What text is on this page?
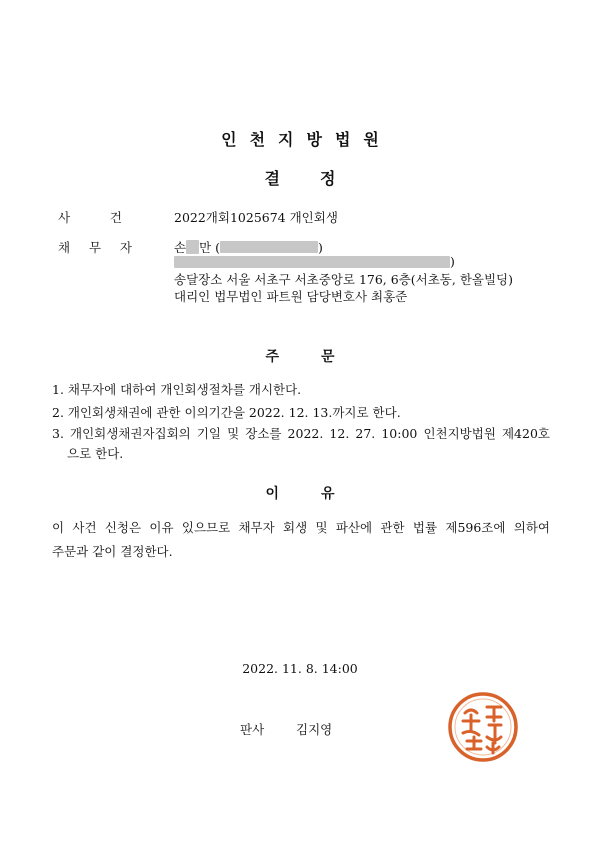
인천지방법원
결정
사	건	2022개회1025674 개인회생
채 무 자	손 만 (	)
)
송달장소 서울 서초구 서초중앙로 176, 6층(서초동, 한올빌딩)
대리인 법무법인 파트원 담당변호사 최홍준
주문
1. 채무자에 대하여 개인회생절차를 개시한다.
2. 개인회생채권에 관한 이의기간을 2022. 12. 13.까지로 한다.
3. 개인회생채권자집회의 기일 및 장소를 2022. 12. 27. 10:00 인천지방법원 제420호
으로 한다.
이유
이 사건 신청은 이유 있으므로 채무자 회생 및 파산에 관한 법률 제596조에 의하여
주문과 같이 결정한다.
2022. 11. 8. 14:00
판사	김지영
